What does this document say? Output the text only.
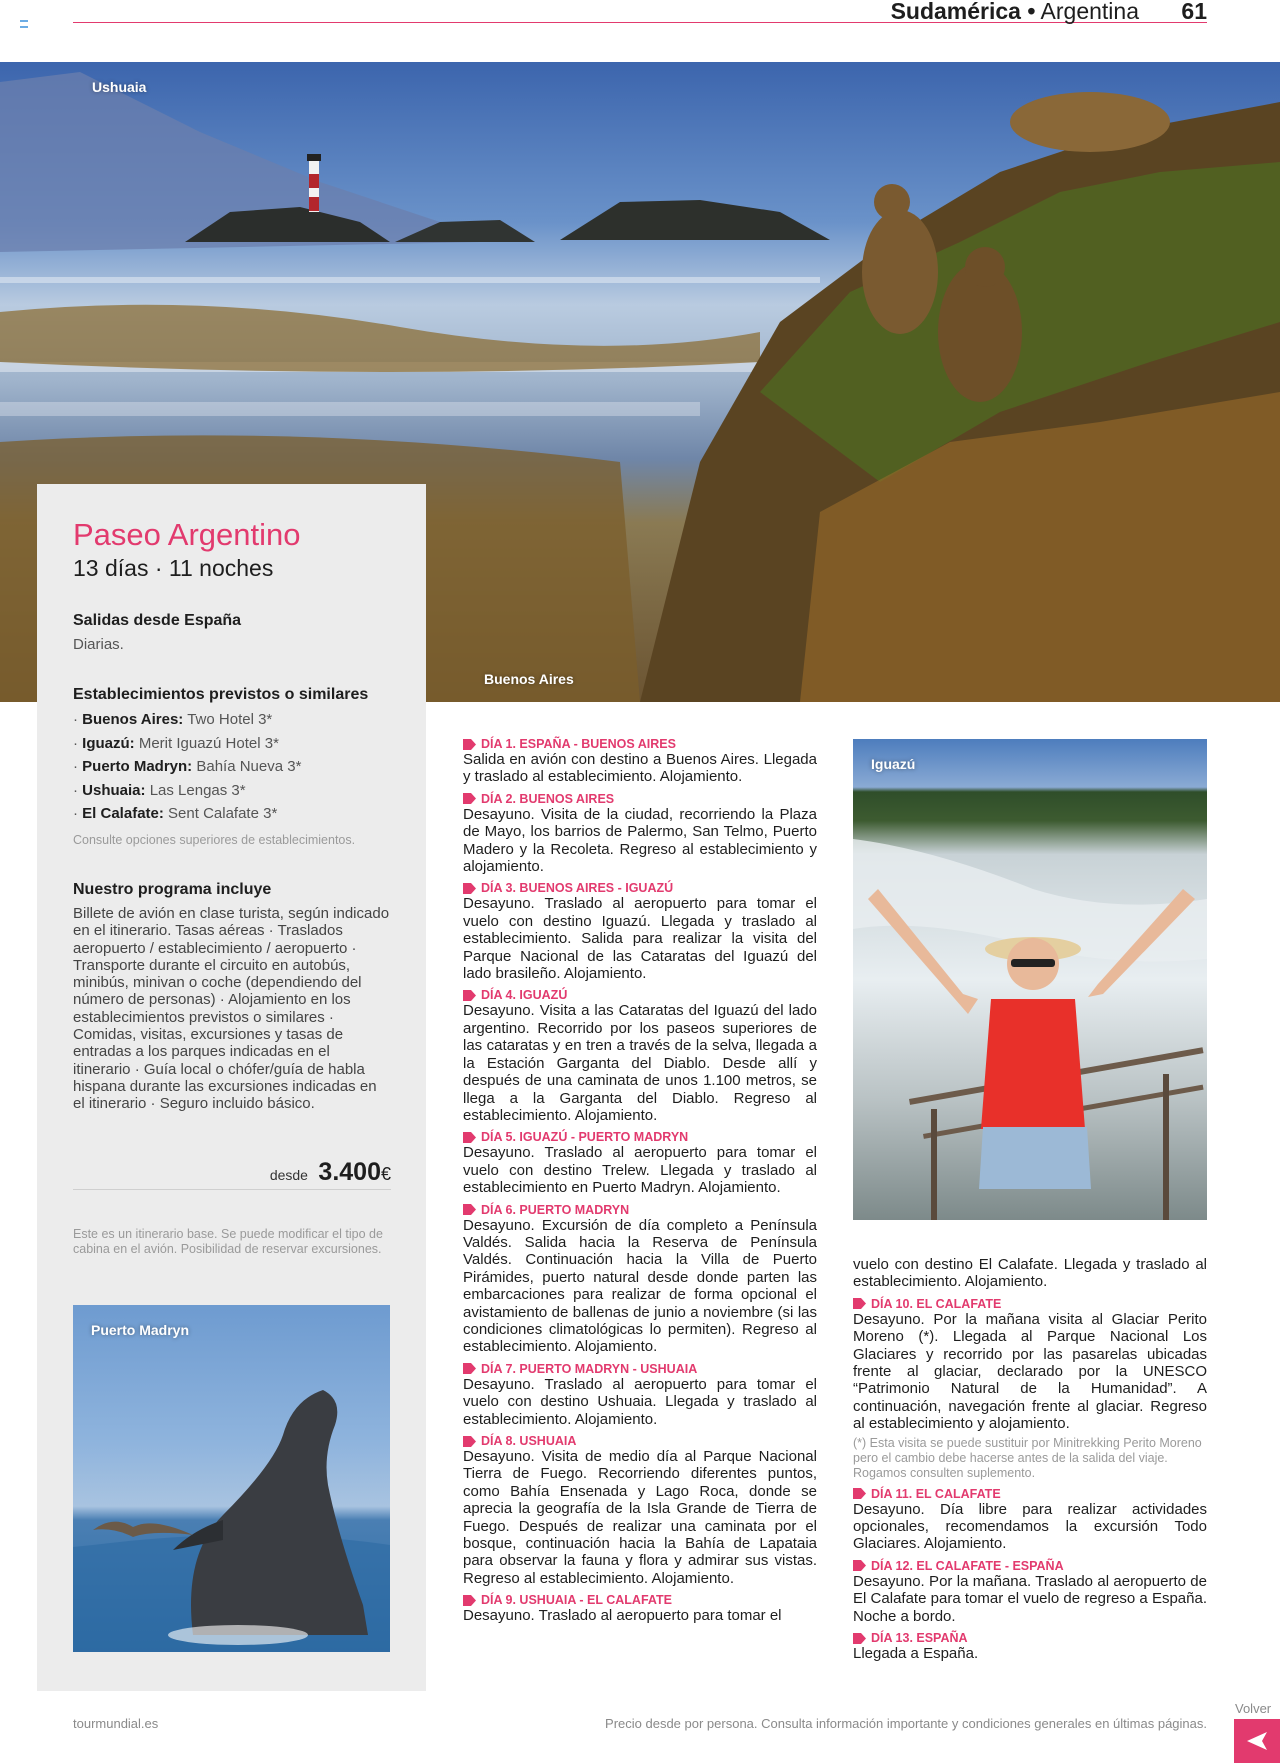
Sudamérica • Argentina 61
Ushuaia
Buenos Aires
Paseo Argentino
13 días · 11 noches
Salidas desde España
Diarias.
Establecimientos previstos o similares
· Buenos Aires: Two Hotel 3*
· Iguazú: Merit Iguazú Hotel 3*
· Puerto Madryn: Bahía Nueva 3*
· Ushuaia: Las Lengas 3*
· El Calafate: Sent Calafate 3*
Consulte opciones superiores de establecimientos.
Nuestro programa incluye
Billete de avión en clase turista, según indicado en el itinerario. Tasas aéreas · Traslados aeropuerto / establecimiento / aeropuerto · Transporte durante el circuito en autobús, minibús, minivan o coche (dependiendo del número de personas) · Alojamiento en los establecimientos previstos o similares · Comidas, visitas, excursiones y tasas de entradas a los parques indicadas en el itinerario · Guía local o chófer/guía de habla hispana durante las excursiones indicadas en el itinerario · Seguro incluido básico.
desde 3.400€
Este es un itinerario base. Se puede modificar el tipo de cabina en el avión. Posibilidad de reservar excursiones.
Puerto Madryn
DÍA 1. ESPAÑA - BUENOS AIRES
Salida en avión con destino a Buenos Aires. Llegada y traslado al establecimiento. Alojamiento.
DÍA 2. BUENOS AIRES
Desayuno. Visita de la ciudad, recorriendo la Plaza de Mayo, los barrios de Palermo, San Telmo, Puerto Madero y la Recoleta. Regreso al establecimiento y alojamiento.
DÍA 3. BUENOS AIRES - IGUAZÚ
Desayuno. Traslado al aeropuerto para tomar el vuelo con destino Iguazú. Llegada y traslado al establecimiento. Salida para realizar la visita del Parque Nacional de las Cataratas del Iguazú del lado brasileño. Alojamiento.
DÍA 4. IGUAZÚ
Desayuno. Visita a las Cataratas del Iguazú del lado argentino. Recorrido por los paseos superiores de las cataratas y en tren a través de la selva, llegada a la Estación Garganta del Diablo. Desde allí y después de una caminata de unos 1.100 metros, se llega a la Garganta del Diablo. Regreso al establecimiento. Alojamiento.
DÍA 5. IGUAZÚ - PUERTO MADRYN
Desayuno. Traslado al aeropuerto para tomar el vuelo con destino Trelew. Llegada y traslado al establecimiento en Puerto Madryn. Alojamiento.
DÍA 6. PUERTO MADRYN
Desayuno. Excursión de día completo a Península Valdés. Salida hacia la Reserva de Península Valdés. Continuación hacia la Villa de Puerto Pirámides, puerto natural desde donde parten las embarcaciones para realizar de forma opcional el avistamiento de ballenas de junio a noviembre (si las condiciones climatológicas lo permiten). Regreso al establecimiento. Alojamiento.
DÍA 7. PUERTO MADRYN - USHUAIA
Desayuno. Traslado al aeropuerto para tomar el vuelo con destino Ushuaia. Llegada y traslado al establecimiento. Alojamiento.
DÍA 8. USHUAIA
Desayuno. Visita de medio día al Parque Nacional Tierra de Fuego. Recorriendo diferentes puntos, como Bahía Ensenada y Lago Roca, donde se aprecia la geografía de la Isla Grande de Tierra de Fuego. Después de realizar una caminata por el bosque, continuación hacia la Bahía de Lapataia para observar la fauna y flora y admirar sus vistas. Regreso al establecimiento. Alojamiento.
DÍA 9. USHUAIA - EL CALAFATE
Desayuno. Traslado al aeropuerto para tomar el
Iguazú
vuelo con destino El Calafate. Llegada y traslado al establecimiento. Alojamiento.
DÍA 10. EL CALAFATE
Desayuno. Por la mañana visita al Glaciar Perito Moreno (*). Llegada al Parque Nacional Los Glaciares y recorrido por las pasarelas ubicadas frente al glaciar, declarado por la UNESCO “Patrimonio Natural de la Humanidad”. A continuación, navegación frente al glaciar. Regreso al establecimiento y alojamiento.
(*) Esta visita se puede sustituir por Minitrekking Perito Moreno pero el cambio debe hacerse antes de la salida del viaje. Rogamos consulten suplemento.
DÍA 11. EL CALAFATE
Desayuno. Día libre para realizar actividades opcionales, recomendamos la excursión Todo Glaciares. Alojamiento.
DÍA 12. EL CALAFATE - ESPAÑA
Desayuno. Por la mañana. Traslado al aeropuerto de El Calafate para tomar el vuelo de regreso a España. Noche a bordo.
DÍA 13. ESPAÑA
Llegada a España.
tourmundial.es	Precio desde por persona. Consulta información importante y condiciones generales en últimas páginas.
Volver
